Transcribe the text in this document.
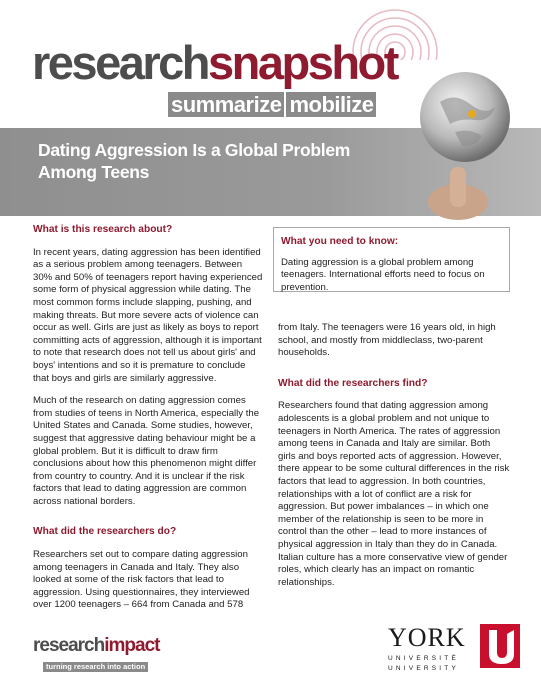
researchsnapshot
summarize mobilize
Dating Aggression Is a Global Problem Among Teens
What is this research about?

In recent years, dating aggression has been identified as a serious problem among teenagers. Between 30% and 50% of teenagers report having experienced some form of physical aggression while dating. The most common forms include slapping, pushing, and making threats. But more severe acts of violence can occur as well. Girls are just as likely as boys to report committing acts of aggression, although it is important to note that research does not tell us about girls' and boys' intentions and so it is premature to conclude that boys and girls are similarly aggressive.

Much of the research on dating aggression comes from studies of teens in North America, especially the United States and Canada. Some studies, however, suggest that aggressive dating behaviour might be a global problem. But it is difficult to draw firm conclusions about how this phenomenon might differ from country to country. And it is unclear if the risk factors that lead to dating aggression are common across national borders.

What did the researchers do?

Researchers set out to compare dating aggression among teenagers in Canada and Italy. They also looked at some of the risk factors that lead to aggression. Using questionnaires, they interviewed over 1200 teenagers – 664 from Canada and 578

What you need to know:

Dating aggression is a global problem among teenagers. International efforts need to focus on prevention.

from Italy. The teenagers were 16 years old, in high school, and mostly from middleclass, two-parent households.

What did the researchers find?

Researchers found that dating aggression among adolescents is a global problem and not unique to teenagers in North America. The rates of aggression among teens in Canada and Italy are similar. Both girls and boys reported acts of aggression. However, there appear to be some cultural differences in the risk factors that lead to aggression. In both countries, relationships with a lot of conflict are a risk for aggression. But power imbalances – in which one member of the relationship is seen to be more in control than the other – lead to more instances of physical aggression in Italy than they do in Canada. Italian culture has a more conservative view of gender roles, which clearly has an impact on romantic relationships.

researchimpact
turning research into action
YORK
UNIVERSITÉ
UNIVERSITY
